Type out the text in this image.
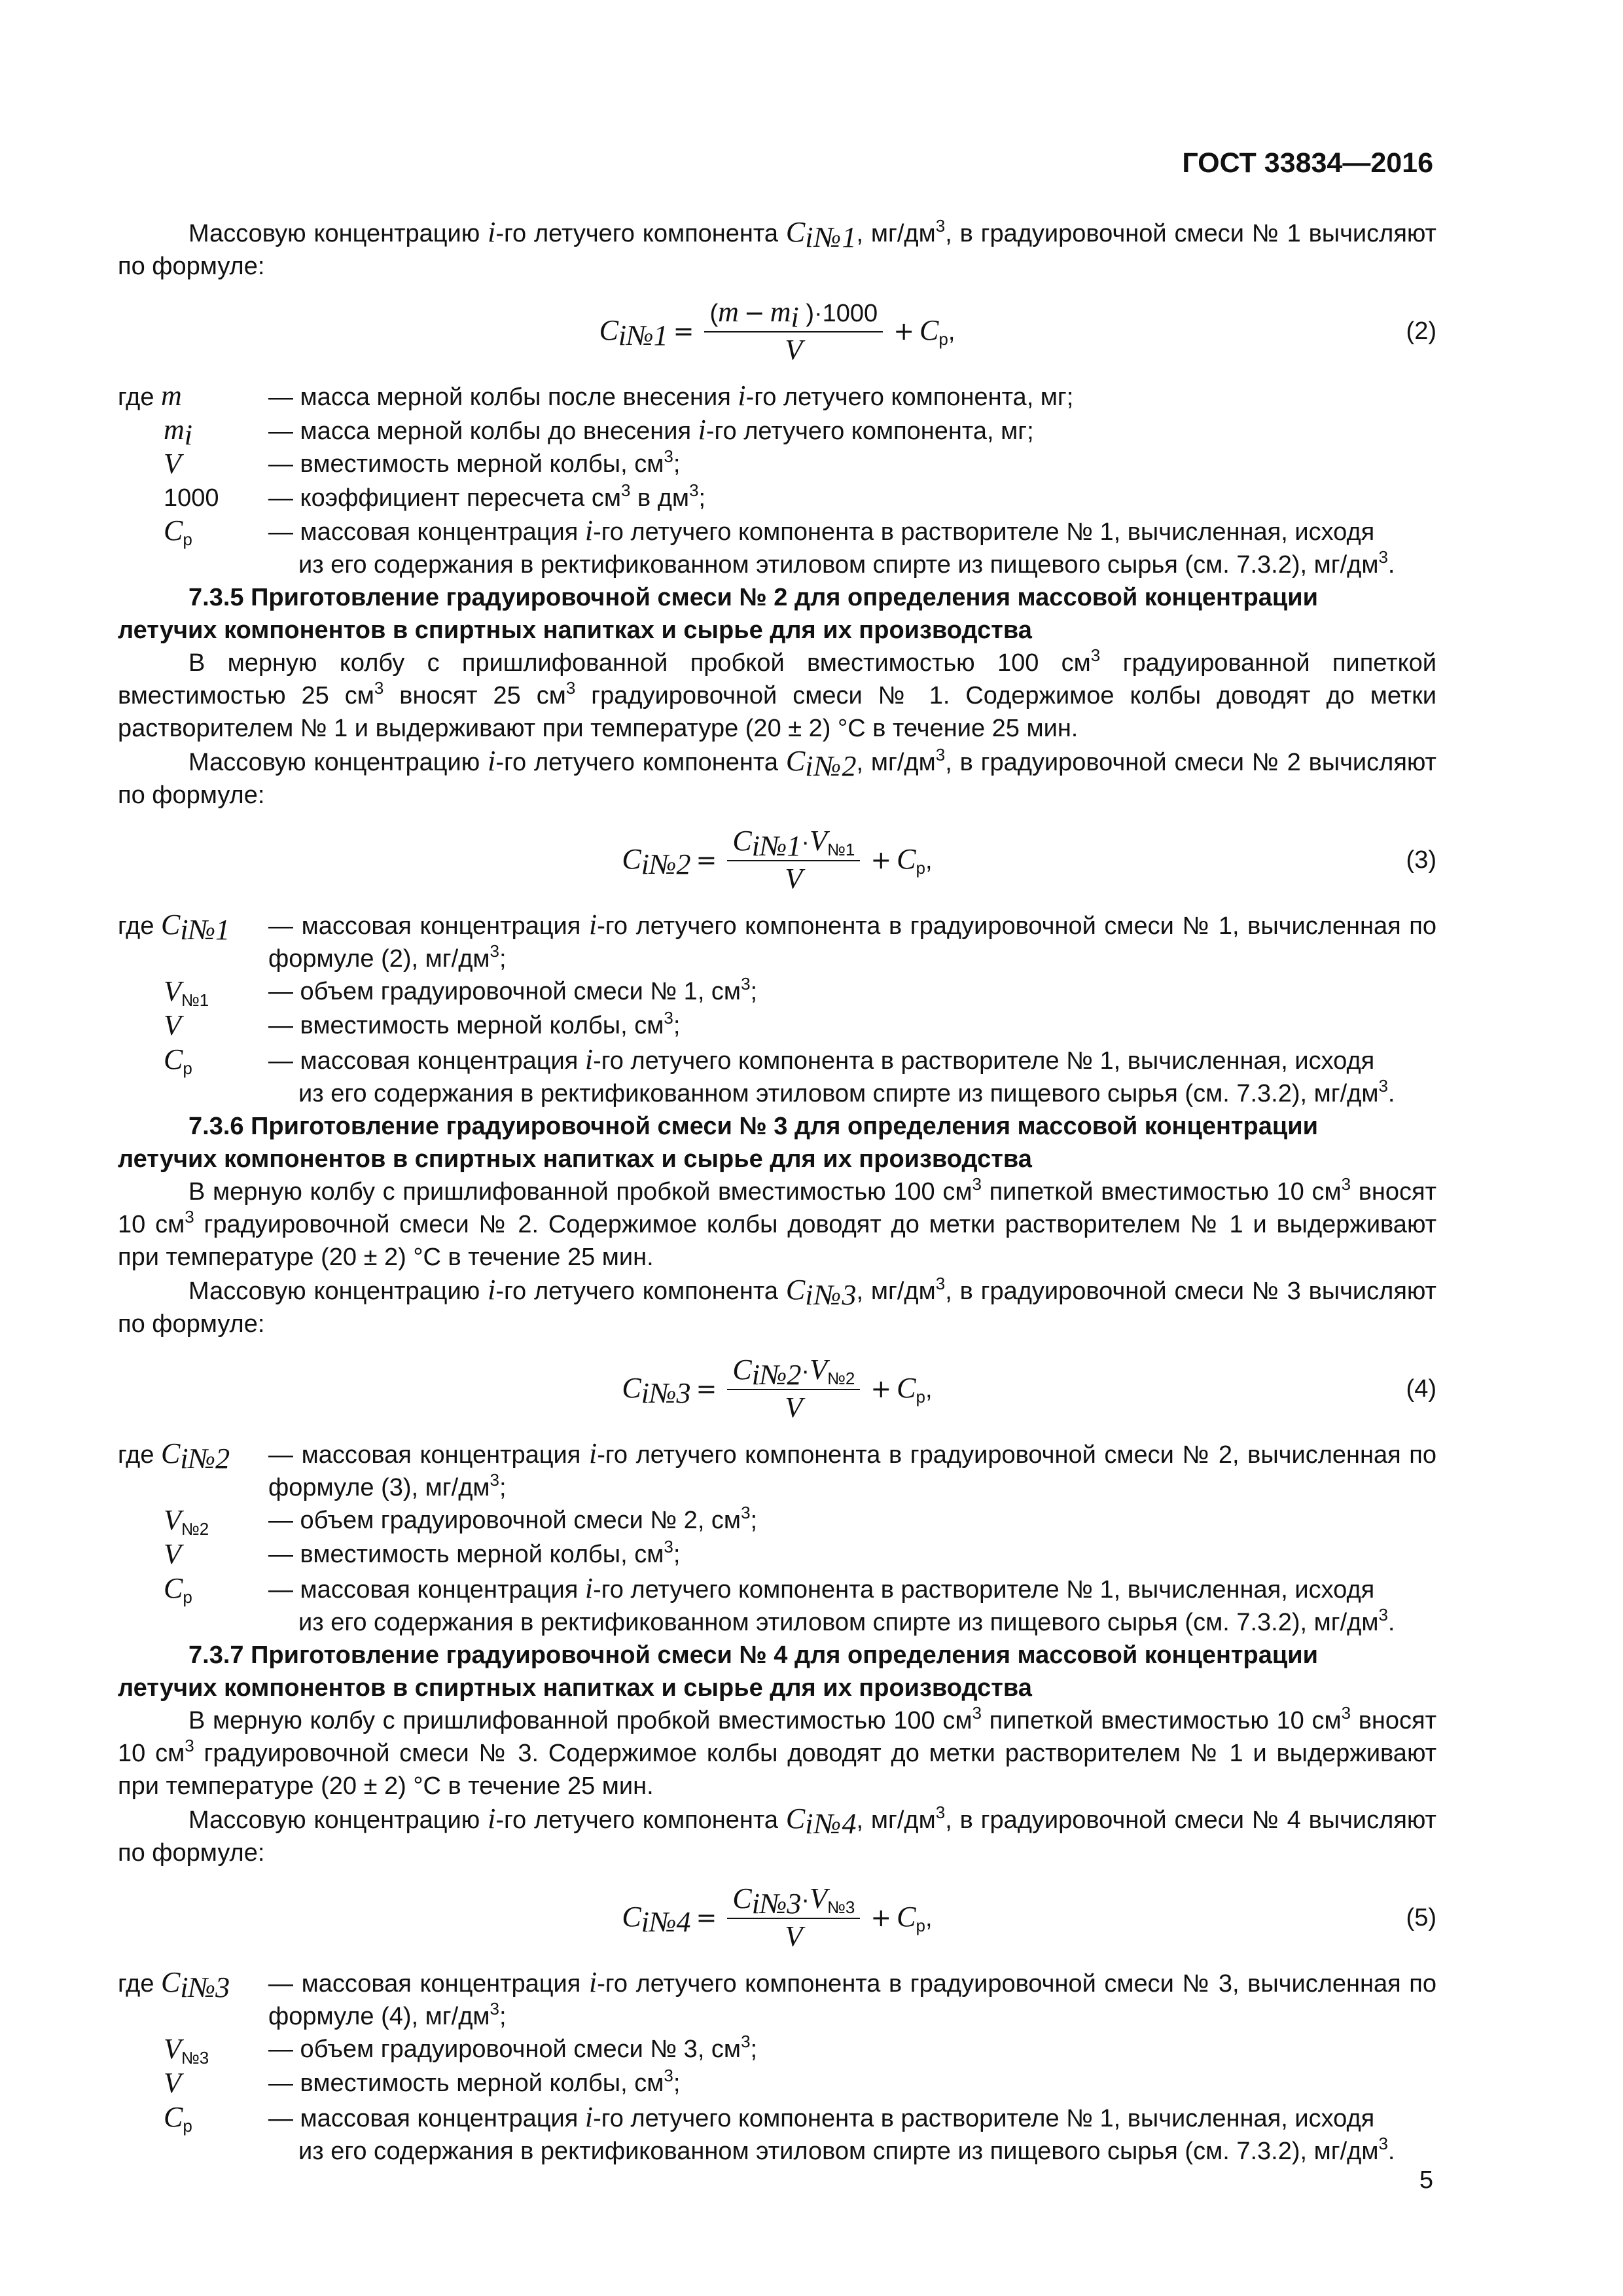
ГОСТ 33834—2016

Массовую концентрацию i-го летучего компонента $C_{i№1}$, $мг/дм^3$, в градуировочной смеси № 1 вычисляют по формуле:

$C_{i№1} = \frac{(m - m_i )\cdot 1000}{V} + C_р$,	(2)
где m	— масса мерной колбы после внесения i-го летучего компонента, мг;
$m_i$	— масса мерной колбы до внесения i-го летучего компонента, мг;
V	— вместимость мерной колбы, $см^3$;
1000	— коэффициент пересчета $см^3$ в $дм^3$;
$C_р$	— массовая концентрация i-го летучего компонента в растворителе № 1, вычисленная, исходя
из его содержания в ректификованном этиловом спирте из пищевого сырья (см. 7.3.2), $мг/дм^3$.

7.3.5 Приготовление градуировочной смеси № 2 для определения массовой концентрации

летучих компонентов в спиртных напитках и сырье для их производства

В мерную колбу с пришлифованной пробкой вместимостью 100 $см^3$ градуированной пипеткой вместимостью 25 $см^3$ вносят 25 $см^3$ градуировочной смеси № 1. Содержимое колбы доводят до метки растворителем № 1 и выдерживают при температуре (20 ± 2) °С в течение 25 мин.

Массовую концентрацию i-го летучего компонента $C_{i№2}$, $мг/дм^3$, в градуировочной смеси № 2 вычисляют по формуле:

$C_{i№2} = \frac{C_{i№1}\cdot V_{№1}}{V} + C_р$,	(3)
где $C_{i№1}$	— массовая концентрация i-го летучего компонента в градуировочной смеси № 1, вычисленная по формуле (2), $мг/дм^3$;
$V_{№1}$	— объем градуировочной смеси № 1, $см^3$;
V	— вместимость мерной колбы, $см^3$;
$C_р$	— массовая концентрация i-го летучего компонента в растворителе № 1, вычисленная, исходя
из его содержания в ректификованном этиловом спирте из пищевого сырья (см. 7.3.2), $мг/дм^3$.

7.3.6 Приготовление градуировочной смеси № 3 для определения массовой концентрации

летучих компонентов в спиртных напитках и сырье для их производства

В мерную колбу с пришлифованной пробкой вместимостью 100 $см^3$ пипеткой вместимостью 10 $см^3$ вносят 10 $см^3$ градуировочной смеси № 2. Содержимое колбы доводят до метки растворителем № 1 и выдерживают при температуре (20 ± 2) °С в течение 25 мин.

Массовую концентрацию i-го летучего компонента $C_{i№3}$, $мг/дм^3$, в градуировочной смеси № 3 вычисляют по формуле:

$C_{i№3} = \frac{C_{i№2}\cdot V_{№2}}{V} + C_р$,	(4)
где $C_{i№2}$	— массовая концентрация i-го летучего компонента в градуировочной смеси № 2, вычисленная по формуле (3), $мг/дм^3$;
$V_{№2}$	— объем градуировочной смеси № 2, $см^3$;
V	— вместимость мерной колбы, $см^3$;
$C_р$	— массовая концентрация i-го летучего компонента в растворителе № 1, вычисленная, исходя
из его содержания в ректификованном этиловом спирте из пищевого сырья (см. 7.3.2), $мг/дм^3$.

7.3.7 Приготовление градуировочной смеси № 4 для определения массовой концентрации

летучих компонентов в спиртных напитках и сырье для их производства

В мерную колбу с пришлифованной пробкой вместимостью 100 $см^3$ пипеткой вместимостью 10 $см^3$ вносят 10 $см^3$ градуировочной смеси № 3. Содержимое колбы доводят до метки растворителем № 1 и выдерживают при температуре (20 ± 2) °С в течение 25 мин.

Массовую концентрацию i-го летучего компонента $C_{i№4}$, $мг/дм^3$, в градуировочной смеси № 4 вычисляют по формуле:

$C_{i№4} = \frac{C_{i№3}\cdot V_{№3}}{V} + C_р$,	(5)
где $C_{i№3}$	— массовая концентрация i-го летучего компонента в градуировочной смеси № 3, вычисленная по формуле (4), $мг/дм^3$;
$V_{№3}$	— объем градуировочной смеси № 3, $см^3$;
V	— вместимость мерной колбы, $см^3$;
$C_р$	— массовая концентрация i-го летучего компонента в растворителе № 1, вычисленная, исходя
из его содержания в ректификованном этиловом спирте из пищевого сырья (см. 7.3.2), $мг/дм^3$.
5
